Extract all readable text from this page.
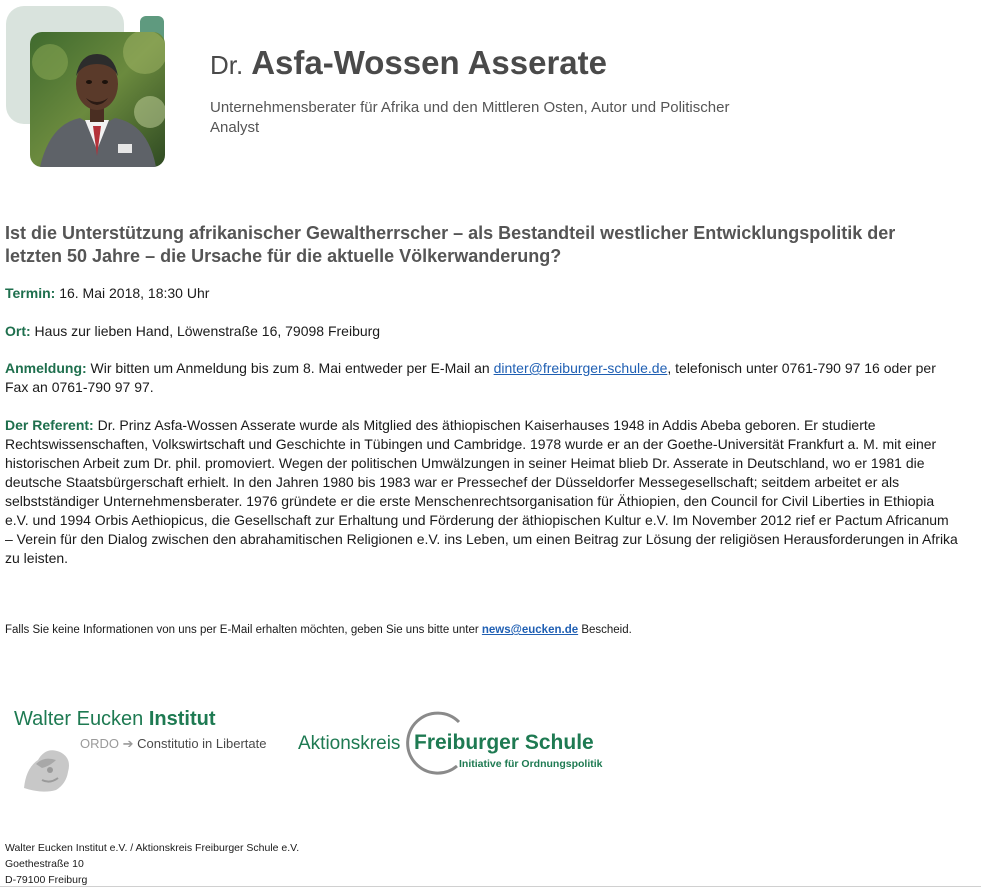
Dr. Asfa-Wossen Asserate
Unternehmensberater für Afrika und den Mittleren Osten, Autor und Politischer Analyst
Ist die Unterstützung afrikanischer Gewaltherrscher – als Bestandteil westlicher Entwicklungspolitik der letzten 50 Jahre – die Ursache für die aktuelle Völkerwanderung?
Termin: 16. Mai 2018, 18:30 Uhr
Ort: Haus zur lieben Hand, Löwenstraße 16, 79098 Freiburg
Anmeldung: Wir bitten um Anmeldung bis zum 8. Mai entweder per E-Mail an dinter@freiburger-schule.de, telefonisch unter 0761-790 97 16 oder per Fax an 0761-790 97 97.
Der Referent: Dr. Prinz Asfa-Wossen Asserate wurde als Mitglied des äthiopischen Kaiserhauses 1948 in Addis Abeba geboren. Er studierte Rechtswissenschaften, Volkswirtschaft und Geschichte in Tübingen und Cambridge. 1978 wurde er an der Goethe-Universität Frankfurt a. M. mit einer historischen Arbeit zum Dr. phil. promoviert. Wegen der politischen Umwälzungen in seiner Heimat blieb Dr. Asserate in Deutschland, wo er 1981 die deutsche Staatsbürgerschaft erhielt. In den Jahren 1980 bis 1983 war er Pressechef der Düsseldorfer Messegesellschaft; seitdem arbeitet er als selbstständiger Unternehmensberater. 1976 gründete er die erste Menschenrechtsorganisation für Äthiopien, den Council for Civil Liberties in Ethiopia e.V. und 1994 Orbis Aethiopicus, die Gesellschaft zur Erhaltung und Förderung der äthiopischen Kultur e.V. Im November 2012 rief er Pactum Africanum – Verein für den Dialog zwischen den abrahamitischen Religionen e.V. ins Leben, um einen Beitrag zur Lösung der religiösen Herausforderungen in Afrika zu leisten.
Falls Sie keine Informationen von uns per E-Mail erhalten möchten, geben Sie uns bitte unter news@eucken.de Bescheid.
Walter Eucken Institut
ORDO ➔ Constitutio in Libertate Aktionskreis Freiburger Schule
Initiative für Ordnungspolitik
Walter Eucken Institut e.V. / Aktionskreis Freiburger Schule e.V.
Goethestraße 10
D-79100 Freiburg
